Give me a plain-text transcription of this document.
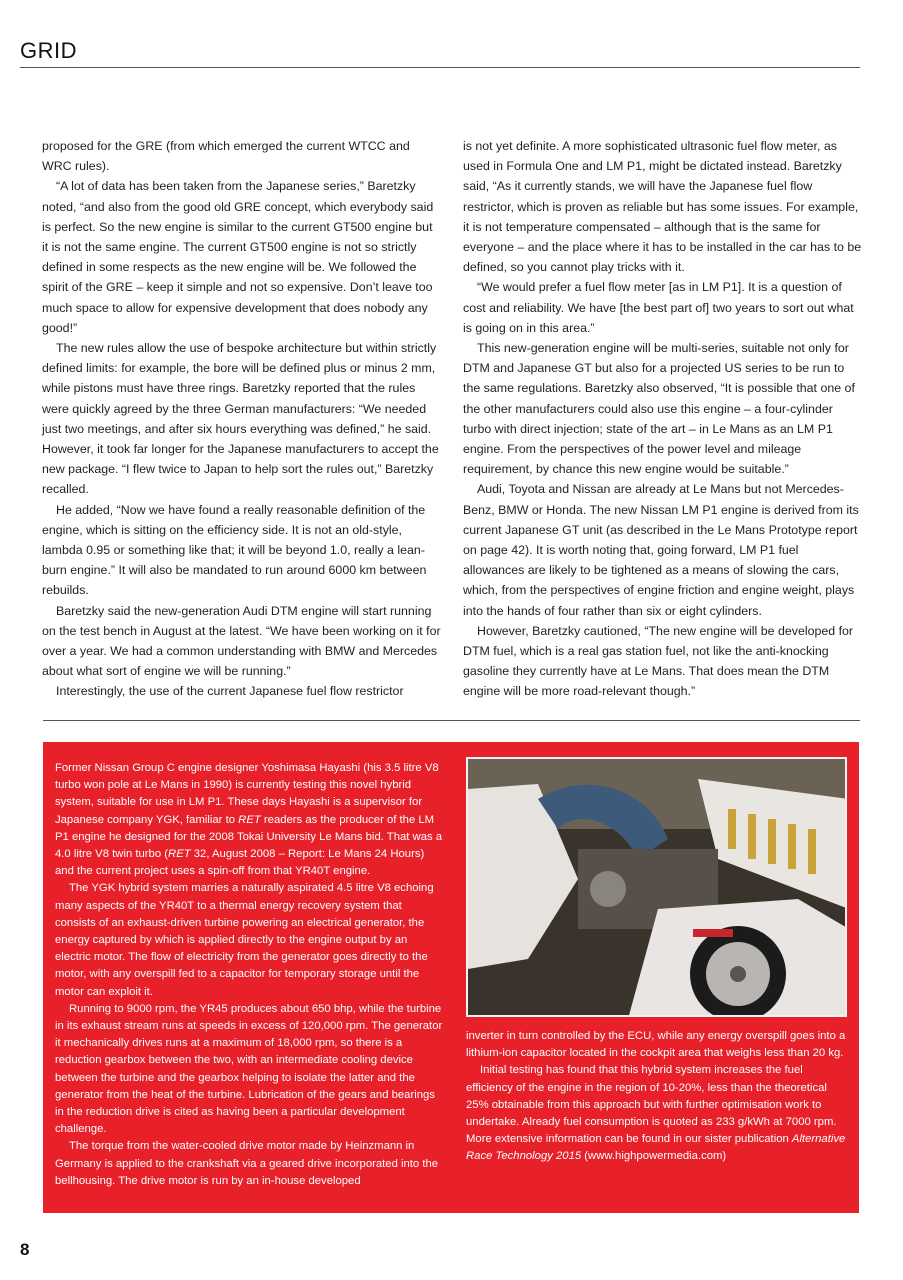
GRID

proposed for the GRE (from which emerged the current WTCC and WRC rules).

“A lot of data has been taken from the Japanese series,” Baretzky noted, “and also from the good old GRE concept, which everybody said is perfect. So the new engine is similar to the current GT500 engine but it is not the same engine. The current GT500 engine is not so strictly defined in some respects as the new engine will be. We followed the spirit of the GRE – keep it simple and not so expensive. Don’t leave too much space to allow for expensive development that does nobody any good!”

The new rules allow the use of bespoke architecture but within strictly defined limits: for example, the bore will be defined plus or minus 2 mm, while pistons must have three rings. Baretzky reported that the rules were quickly agreed by the three German manufacturers: “We needed just two meetings, and after six hours everything was defined,” he said. However, it took far longer for the Japanese manufacturers to accept the new package. “I flew twice to Japan to help sort the rules out,” Baretzky recalled.

He added, “Now we have found a really reasonable definition of the engine, which is sitting on the efficiency side. It is not an old-style, lambda 0.95 or something like that; it will be beyond 1.0, really a lean-burn engine.” It will also be mandated to run around 6000 km between rebuilds.

Baretzky said the new-generation Audi DTM engine will start running on the test bench in August at the latest. “We have been working on it for over a year. We had a common understanding with BMW and Mercedes about what sort of engine we will be running.”

Interestingly, the use of the current Japanese fuel flow restrictor

is not yet definite. A more sophisticated ultrasonic fuel flow meter, as used in Formula One and LM P1, might be dictated instead. Baretzky said, “As it currently stands, we will have the Japanese fuel flow restrictor, which is proven as reliable but has some issues. For example, it is not temperature compensated – although that is the same for everyone – and the place where it has to be installed in the car has to be defined, so you cannot play tricks with it.

“We would prefer a fuel flow meter [as in LM P1]. It is a question of cost and reliability. We have [the best part of] two years to sort out what is going on in this area.”

This new-generation engine will be multi-series, suitable not only for DTM and Japanese GT but also for a projected US series to be run to the same regulations. Baretzky also observed, “It is possible that one of the other manufacturers could also use this engine – a four-cylinder turbo with direct injection; state of the art – in Le Mans as an LM P1 engine. From the perspectives of the power level and mileage requirement, by chance this new engine would be suitable.”

Audi, Toyota and Nissan are already at Le Mans but not Mercedes-Benz, BMW or Honda. The new Nissan LM P1 engine is derived from its current Japanese GT unit (as described in the Le Mans Prototype report on page 42). It is worth noting that, going forward, LM P1 fuel allowances are likely to be tightened as a means of slowing the cars, which, from the perspectives of engine friction and engine weight, plays into the hands of four rather than six or eight cylinders.

However, Baretzky cautioned, “The new engine will be developed for DTM fuel, which is a real gas station fuel, not like the anti-knocking gasoline they currently have at Le Mans. That does mean the DTM engine will be more road-relevant though.”

Former Nissan Group C engine designer Yoshimasa Hayashi (his 3.5 litre V8 turbo won pole at Le Mans in 1990) is currently testing this novel hybrid system, suitable for use in LM P1. These days Hayashi is a supervisor for Japanese company YGK, familiar to RET readers as the producer of the LM P1 engine he designed for the 2008 Tokai University Le Mans bid. That was a 4.0 litre V8 twin turbo (RET 32, August 2008 – Report: Le Mans 24 Hours) and the current project uses a spin-off from that YR40T engine.

The YGK hybrid system marries a naturally aspirated 4.5 litre V8 echoing many aspects of the YR40T to a thermal energy recovery system that consists of an exhaust-driven turbine powering an electrical generator, the energy captured by which is applied directly to the engine output by an electric motor. The flow of electricity from the generator goes directly to the motor, with any overspill fed to a capacitor for temporary storage until the motor can exploit it.

Running to 9000 rpm, the YR45 produces about 650 bhp, while the turbine in its exhaust stream runs at speeds in excess of 120,000 rpm. The generator it mechanically drives runs at a maximum of 18,000 rpm, so there is a reduction gearbox between the two, with an intermediate cooling device between the turbine and the gearbox helping to isolate the latter and the generator from the heat of the turbine. Lubrication of the gears and bearings in the reduction drive is cited as having been a particular development challenge.

The torque from the water-cooled drive motor made by Heinzmann in Germany is applied to the crankshaft via a geared drive incorporated into the bellhousing. The drive motor is run by an in-house developed

inverter in turn controlled by the ECU, while any energy overspill goes into a lithium-ion capacitor located in the cockpit area that weighs less than 20 kg.

Initial testing has found that this hybrid system increases the fuel efficiency of the engine in the region of 10-20%, less than the theoretical 25% obtainable from this approach but with further optimisation work to undertake. Already fuel consumption is quoted as 233 g/kWh at 7000 rpm. More extensive information can be found in our sister publication Alternative Race Technology 2015 (www.highpowermedia.com)

8
